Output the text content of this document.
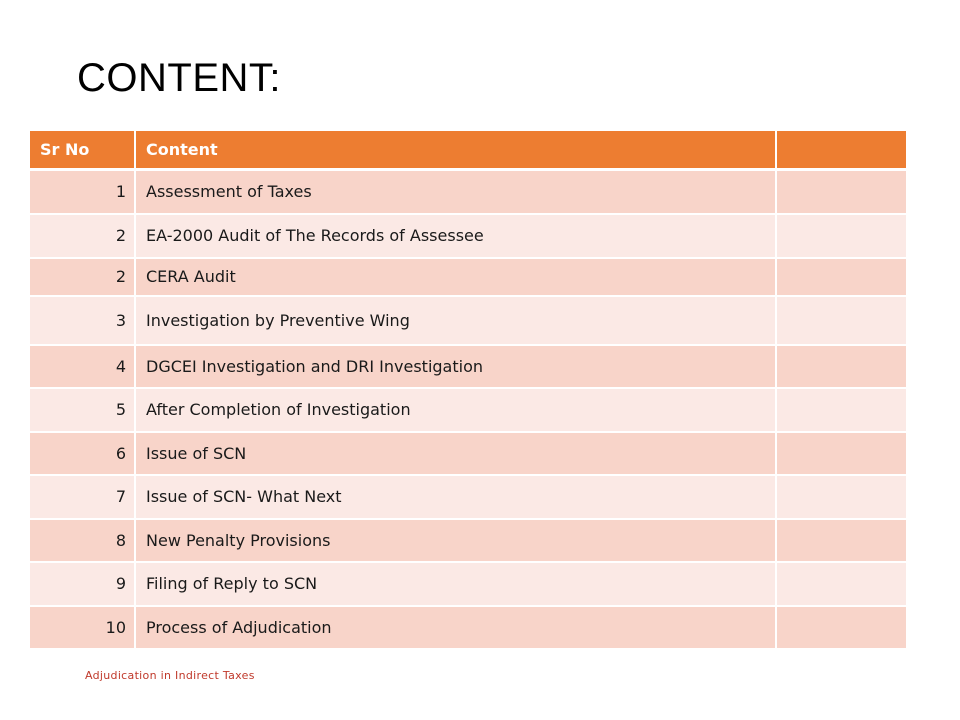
CONTENT:
Sr No	Content	
1	Assessment of Taxes	
2	EA-2000 Audit of The Records of Assessee	
2	CERA Audit	
3	Investigation by Preventive Wing	
4	DGCEI Investigation and DRI Investigation	
5	After Completion of Investigation	
6	Issue of SCN	
7	Issue of SCN- What Next	
8	New Penalty Provisions	
9	Filing of Reply to SCN	
10	Process of Adjudication	
Adjudication in Indirect Taxes
